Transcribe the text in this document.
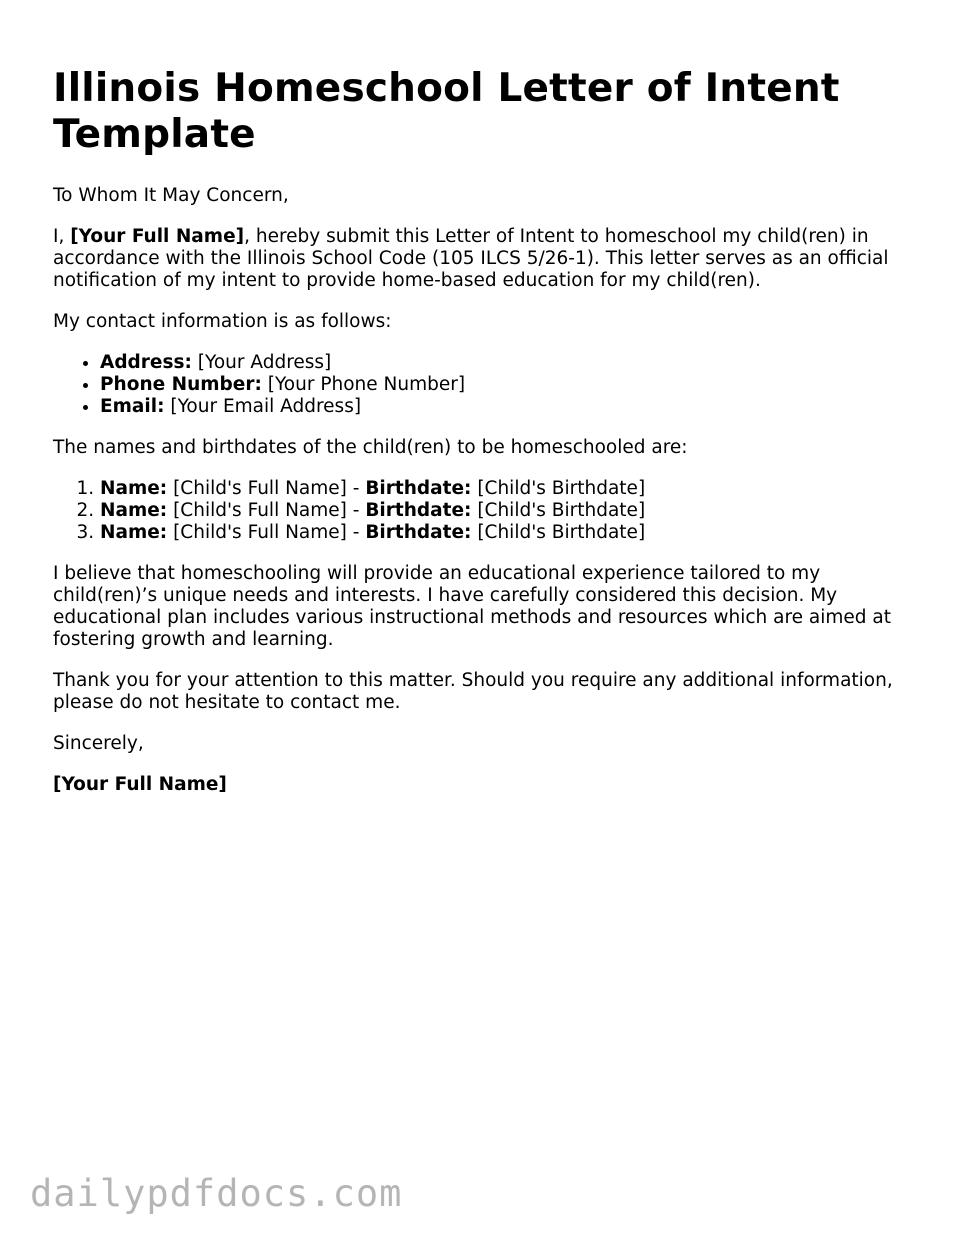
Illinois Homeschool Letter of Intent Template

To Whom It May Concern,

I, [Your Full Name], hereby submit this Letter of Intent to homeschool my child(ren) in accordance with the Illinois School Code (105 ILCS 5/26-1). This letter serves as an official notification of my intent to provide home-based education for my child(ren).

My contact information is as follows:

• Address: [Your Address]
• Phone Number: [Your Phone Number]
• Email: [Your Email Address]

The names and birthdates of the child(ren) to be homeschooled are:

1. Name: [Child's Full Name] - Birthdate: [Child's Birthdate]
2. Name: [Child's Full Name] - Birthdate: [Child's Birthdate]
3. Name: [Child's Full Name] - Birthdate: [Child's Birthdate]

I believe that homeschooling will provide an educational experience tailored to my child(ren)’s unique needs and interests. I have carefully considered this decision. My educational plan includes various instructional methods and resources which are aimed at fostering growth and learning.

Thank you for your attention to this matter. Should you require any additional information, please do not hesitate to contact me.

Sincerely,

[Your Full Name]

dailypdfdocs.com
